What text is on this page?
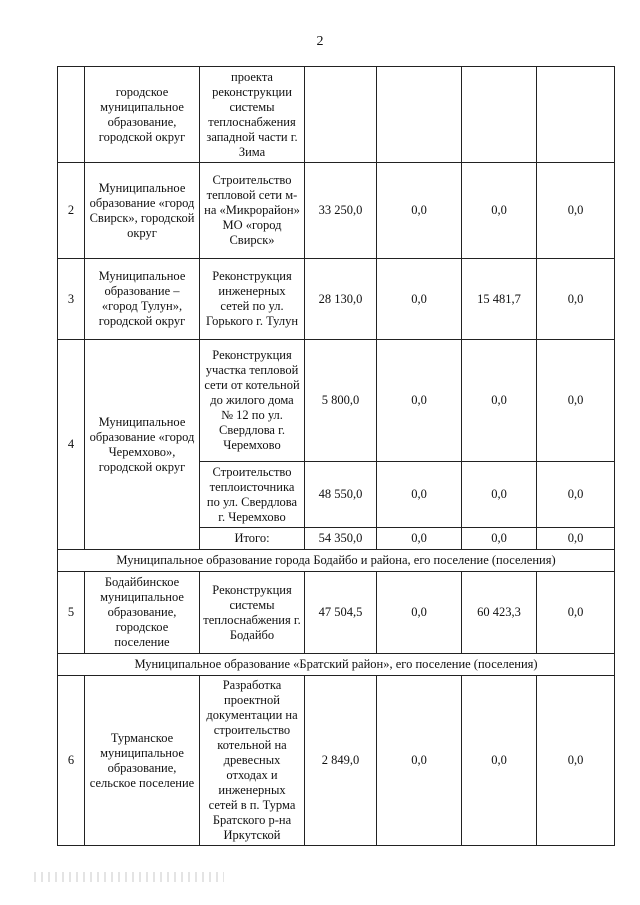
2
	городское муниципальное образование, городской округ	проекта реконструкции системы теплоснабжения западной части г. Зима				
2	Муниципальное образование «город Свирск», городской округ	Строительство тепловой сети м-на «Микрорайон» МО «город Свирск»	33 250,0	0,0	0,0	0,0
3	Муниципальное образование – «город Тулун», городской округ	Реконструкция инженерных сетей по ул. Горького г. Тулун	28 130,0	0,0	15 481,7	0,0
4	Муниципальное образование «город Черемхово», городской округ	Реконструкция участка тепловой сети от котельной до жилого дома № 12 по ул. Свердлова г. Черемхово	5 800,0	0,0	0,0	0,0
		Строительство теплоисточника по ул. Свердлова г. Черемхово	48 550,0	0,0	0,0	0,0
		Итого:	54 350,0	0,0	0,0	0,0
Муниципальное образование города Бодайбо и района, его поселение (поселения)						
5	Бодайбинское муниципальное образование, городское поселение	Реконструкция системы теплоснабжения г. Бодайбо	47 504,5	0,0	60 423,3	0,0
Муниципальное образование «Братский район», его поселение (поселения)						
6	Турманское муниципальное образование, сельское поселение	Разработка проектной документации на строительство котельной на древесных отходах и инженерных сетей в п. Турма Братского р-на Иркутской	2 849,0	0,0	0,0	0,0
